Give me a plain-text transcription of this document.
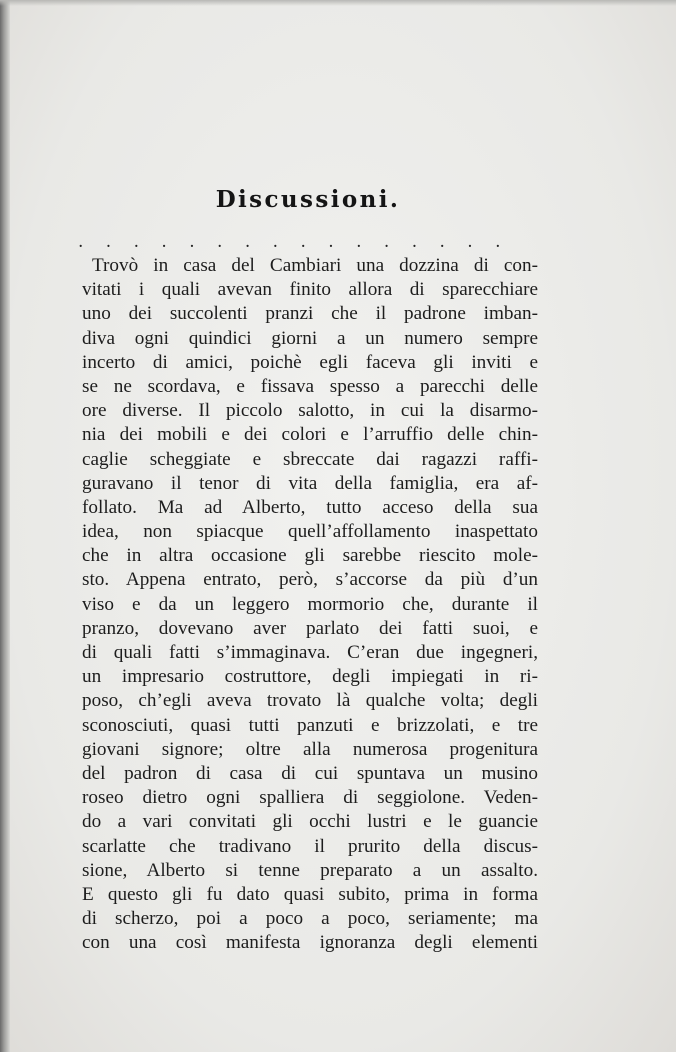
Discussioni.
. . . . . . . . . . . . . . . .
Trovò in casa del Cambiari una dozzina di con-
vitati i quali avevan finito allora di sparecchiare
uno dei succolenti pranzi che il padrone imban-
diva ogni quindici giorni a un numero sempre
incerto di amici, poichè egli faceva gli inviti e
se ne scordava, e fissava spesso a parecchi delle
ore diverse. Il piccolo salotto, in cui la disarmo-
nia dei mobili e dei colori e l’arruffio delle chin-
caglie scheggiate e sbreccate dai ragazzi raffi-
guravano il tenor di vita della famiglia, era af-
follato. Ma ad Alberto, tutto acceso della sua
idea, non spiacque quell’affollamento inaspettato
che in altra occasione gli sarebbe riescito mole-
sto. Appena entrato, però, s’accorse da più d’un
viso e da un leggero mormorio che, durante il
pranzo, dovevano aver parlato dei fatti suoi, e
di quali fatti s’immaginava. C’eran due ingegneri,
un impresario costruttore, degli impiegati in ri-
poso, ch’egli aveva trovato là qualche volta; degli
sconosciuti, quasi tutti panzuti e brizzolati, e tre
giovani signore; oltre alla numerosa progenitura
del padron di casa di cui spuntava un musino
roseo dietro ogni spalliera di seggiolone. Veden-
do a vari convitati gli occhi lustri e le guancie
scarlatte che tradivano il prurito della discus-
sione, Alberto si tenne preparato a un assalto.
E questo gli fu dato quasi subito, prima in forma
di scherzo, poi a poco a poco, seriamente; ma
con una così manifesta ignoranza degli elementi
